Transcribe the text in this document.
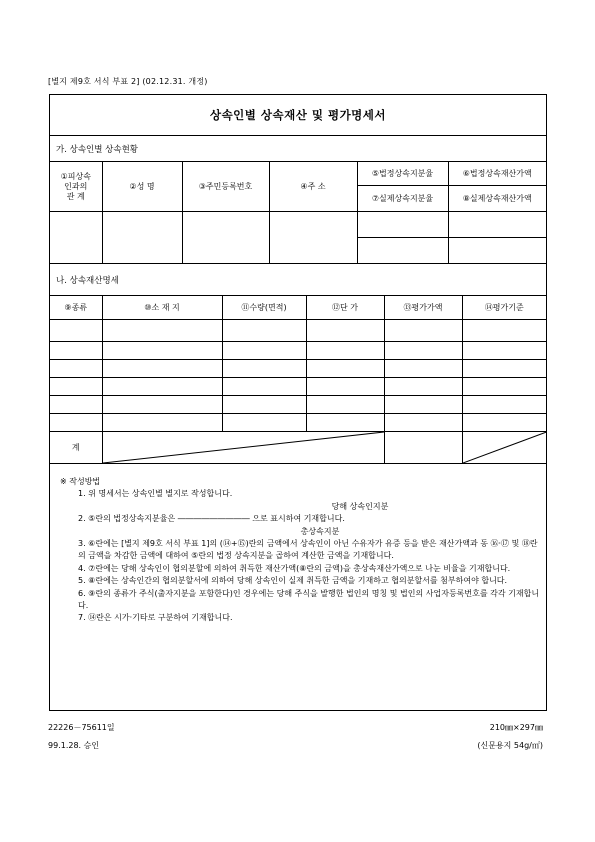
[별지 제9호 서식 부표 2] (02.12.31. 개정)
상속인별 상속재산 및 평가명세서
가. 상속인별 상속현황
①피상속
인과의
관 계	②성 명	③주민등록번호	④주 소	⑤법정상속지분율	⑥법정상속재산가액
				⑦실제상속지분율	⑧실제상속재산가액

나. 상속재산명세
⑨종류	⑩소 재 지	⑪수량(면적)	⑫단 가	⑬평가가액	⑭평가기준

계	

※ 작성방법
1. 위 명세서는 상속인별 별지로 작성합니다.
당해 상속인지분
2. ⑤란의 법정상속지분율은 ――――――――― 으로 표시하여 기재합니다.
총상속지분
3. ⑥란에는 [별지 제9호 서식 부표 1]의 (⑭+⑮)란의 금액에서 상속인이 아닌 수유자가 유증 등을 받은 재산가액과 동 ⑯·⑰ 및 ⑱란의 금액을 차감한 금액에 대하여 ⑤란의 법정 상속지분을 곱하여 계산한 금액을 기재합니다.
4. ⑦란에는 당해 상속인이 협의분할에 의하여 취득한 재산가액(⑧란의 금액)을 총상속재산가액으로 나눈 비율을 기재합니다.
5. ⑧란에는 상속인간의 협의분할서에 의하여 당해 상속인이 실제 취득한 금액을 기재하고 협의분할서를 첨부하여야 합니다.
6. ⑨란의 종류가 주식(출자지분을 포함한다)인 경우에는 당해 주식을 발행한 법인의 명칭 및 법인의 사업자등록번호를 각각 기재합니다.
7. ⑭란은 시가·기타로 구분하여 기재합니다.
22226－75611일
99.1.28. 승인
210㎜×297㎜
(신문용지 54g/㎡)
